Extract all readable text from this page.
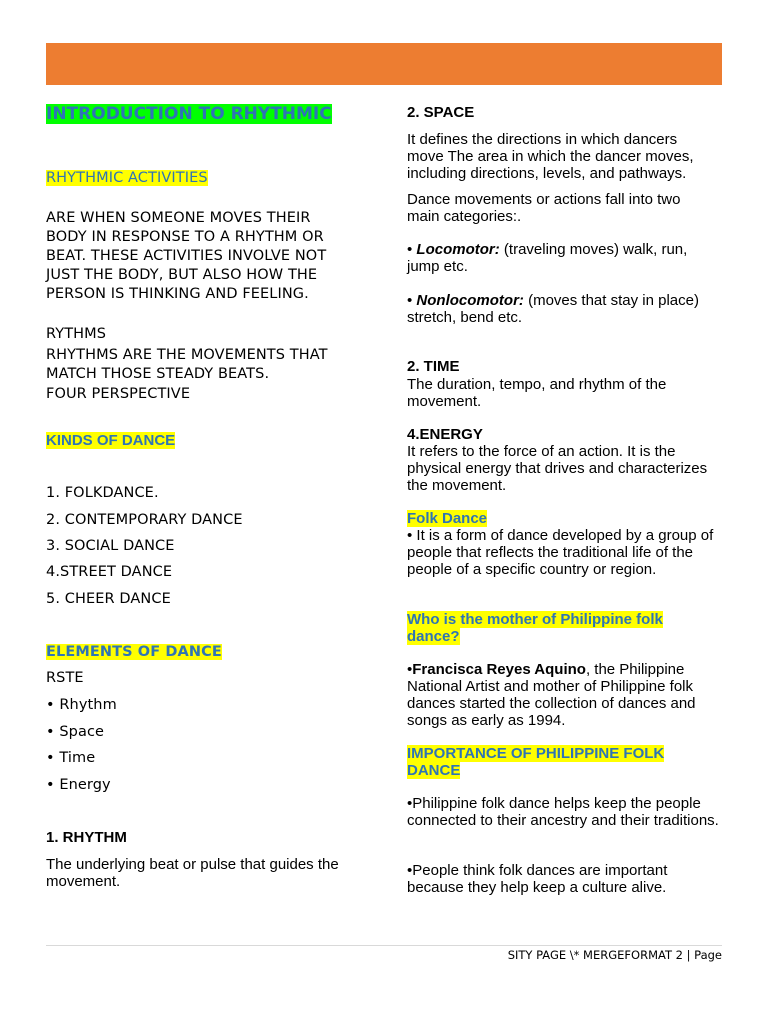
INTRODUCTION TO RHYTHMIC
RHYTHMIC ACTIVITIES
ARE WHEN SOMEONE MOVES THEIR BODY IN RESPONSE TO A RHYTHM OR BEAT. THESE ACTIVITIES INVOLVE NOT JUST THE BODY, BUT ALSO HOW THE PERSON IS THINKING AND FEELING.
RYTHMS
RHYTHMS ARE THE MOVEMENTS THAT MATCH THOSE STEADY BEATS.
FOUR PERSPECTIVE
KINDS OF DANCE
1. FOLKDANCE.
2. CONTEMPORARY DANCE
3. SOCIAL DANCE
4.STREET DANCE
5. CHEER DANCE
ELEMENTS OF DANCE
RSTE
• Rhythm
• Space
• Time
• Energy
1. RHYTHM
The underlying beat or pulse that guides the movement.
2. SPACE
It defines the directions in which dancers move The area in which the dancer moves, including directions, levels, and pathways.
Dance movements or actions fall into two main categories:.
• Locomotor: (traveling moves) walk, run, jump etc.
• Nonlocomotor: (moves that stay in place) stretch, bend etc.
2. TIME
The duration, tempo, and rhythm of the movement.
4.ENERGY
It refers to the force of an action. It is the physical energy that drives and characterizes the movement.
Folk Dance
• It is a form of dance developed by a group of people that reflects the traditional life of the people of a specific country or region.
Who is the mother of Philippine folk dance?
•Francisca Reyes Aquino, the Philippine National Artist and mother of Philippine folk dances started the collection of dances and songs as early as 1994.
IMPORTANCE OF PHILIPPINE FOLK DANCE
•Philippine folk dance helps keep the people connected to their ancestry and their traditions.
•People think folk dances are important because they help keep a culture alive.
SITY PAGE \* MERGEFORMAT 2 | Page
